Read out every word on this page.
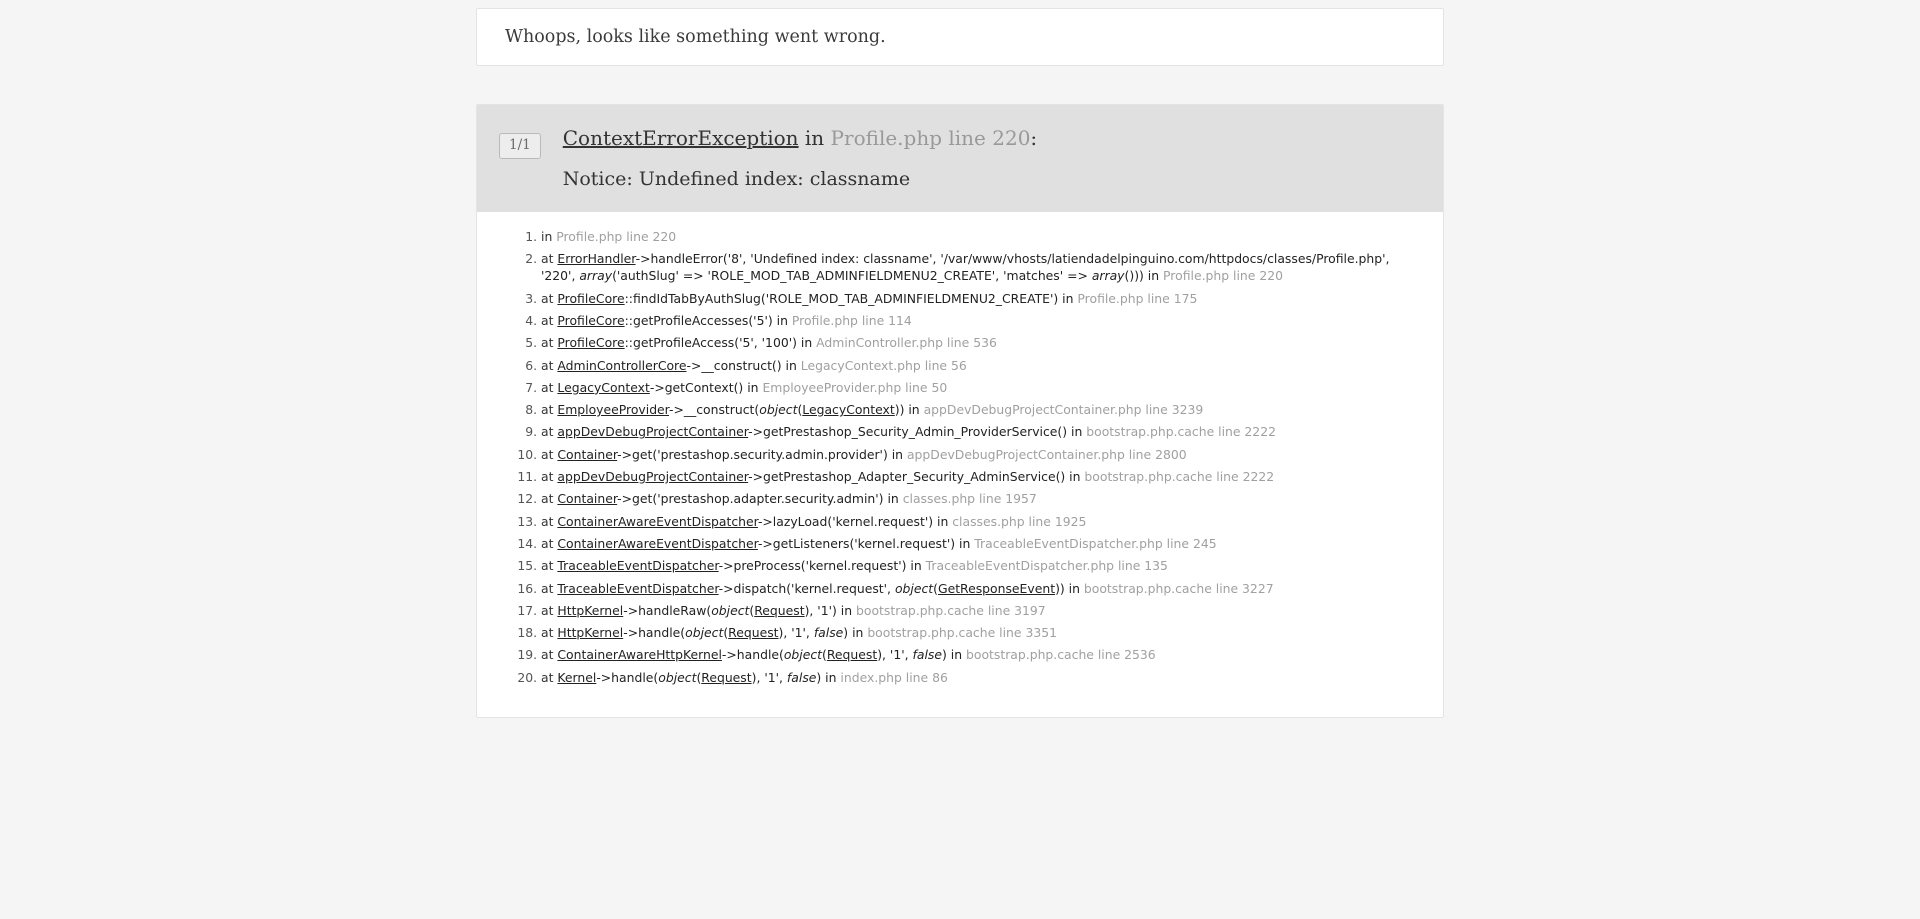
Whoops, looks like something went wrong.
1/1	ContextErrorException in Profile.php line 220:
Notice: Undefined index: classname
1. in Profile.php line 220
2. at ErrorHandler->handleError('8', 'Undefined index: classname', '/var/www/vhosts/latiendadelpinguino.com/httpdocs/classes/Profile.php', '220', array('authSlug' => 'ROLE_MOD_TAB_ADMINFIELDMENU2_CREATE', 'matches' => array())) in Profile.php line 220
3. at ProfileCore::findIdTabByAuthSlug('ROLE_MOD_TAB_ADMINFIELDMENU2_CREATE') in Profile.php line 175
4. at ProfileCore::getProfileAccesses('5') in Profile.php line 114
5. at ProfileCore::getProfileAccess('5', '100') in AdminController.php line 536
6. at AdminControllerCore->__construct() in LegacyContext.php line 56
7. at LegacyContext->getContext() in EmployeeProvider.php line 50
8. at EmployeeProvider->__construct(object(LegacyContext)) in appDevDebugProjectContainer.php line 3239
9. at appDevDebugProjectContainer->getPrestashop_Security_Admin_ProviderService() in bootstrap.php.cache line 2222
10. at Container->get('prestashop.security.admin.provider') in appDevDebugProjectContainer.php line 2800
11. at appDevDebugProjectContainer->getPrestashop_Adapter_Security_AdminService() in bootstrap.php.cache line 2222
12. at Container->get('prestashop.adapter.security.admin') in classes.php line 1957
13. at ContainerAwareEventDispatcher->lazyLoad('kernel.request') in classes.php line 1925
14. at ContainerAwareEventDispatcher->getListeners('kernel.request') in TraceableEventDispatcher.php line 245
15. at TraceableEventDispatcher->preProcess('kernel.request') in TraceableEventDispatcher.php line 135
16. at TraceableEventDispatcher->dispatch('kernel.request', object(GetResponseEvent)) in bootstrap.php.cache line 3227
17. at HttpKernel->handleRaw(object(Request), '1') in bootstrap.php.cache line 3197
18. at HttpKernel->handle(object(Request), '1', false) in bootstrap.php.cache line 3351
19. at ContainerAwareHttpKernel->handle(object(Request), '1', false) in bootstrap.php.cache line 2536
20. at Kernel->handle(object(Request), '1', false) in index.php line 86
